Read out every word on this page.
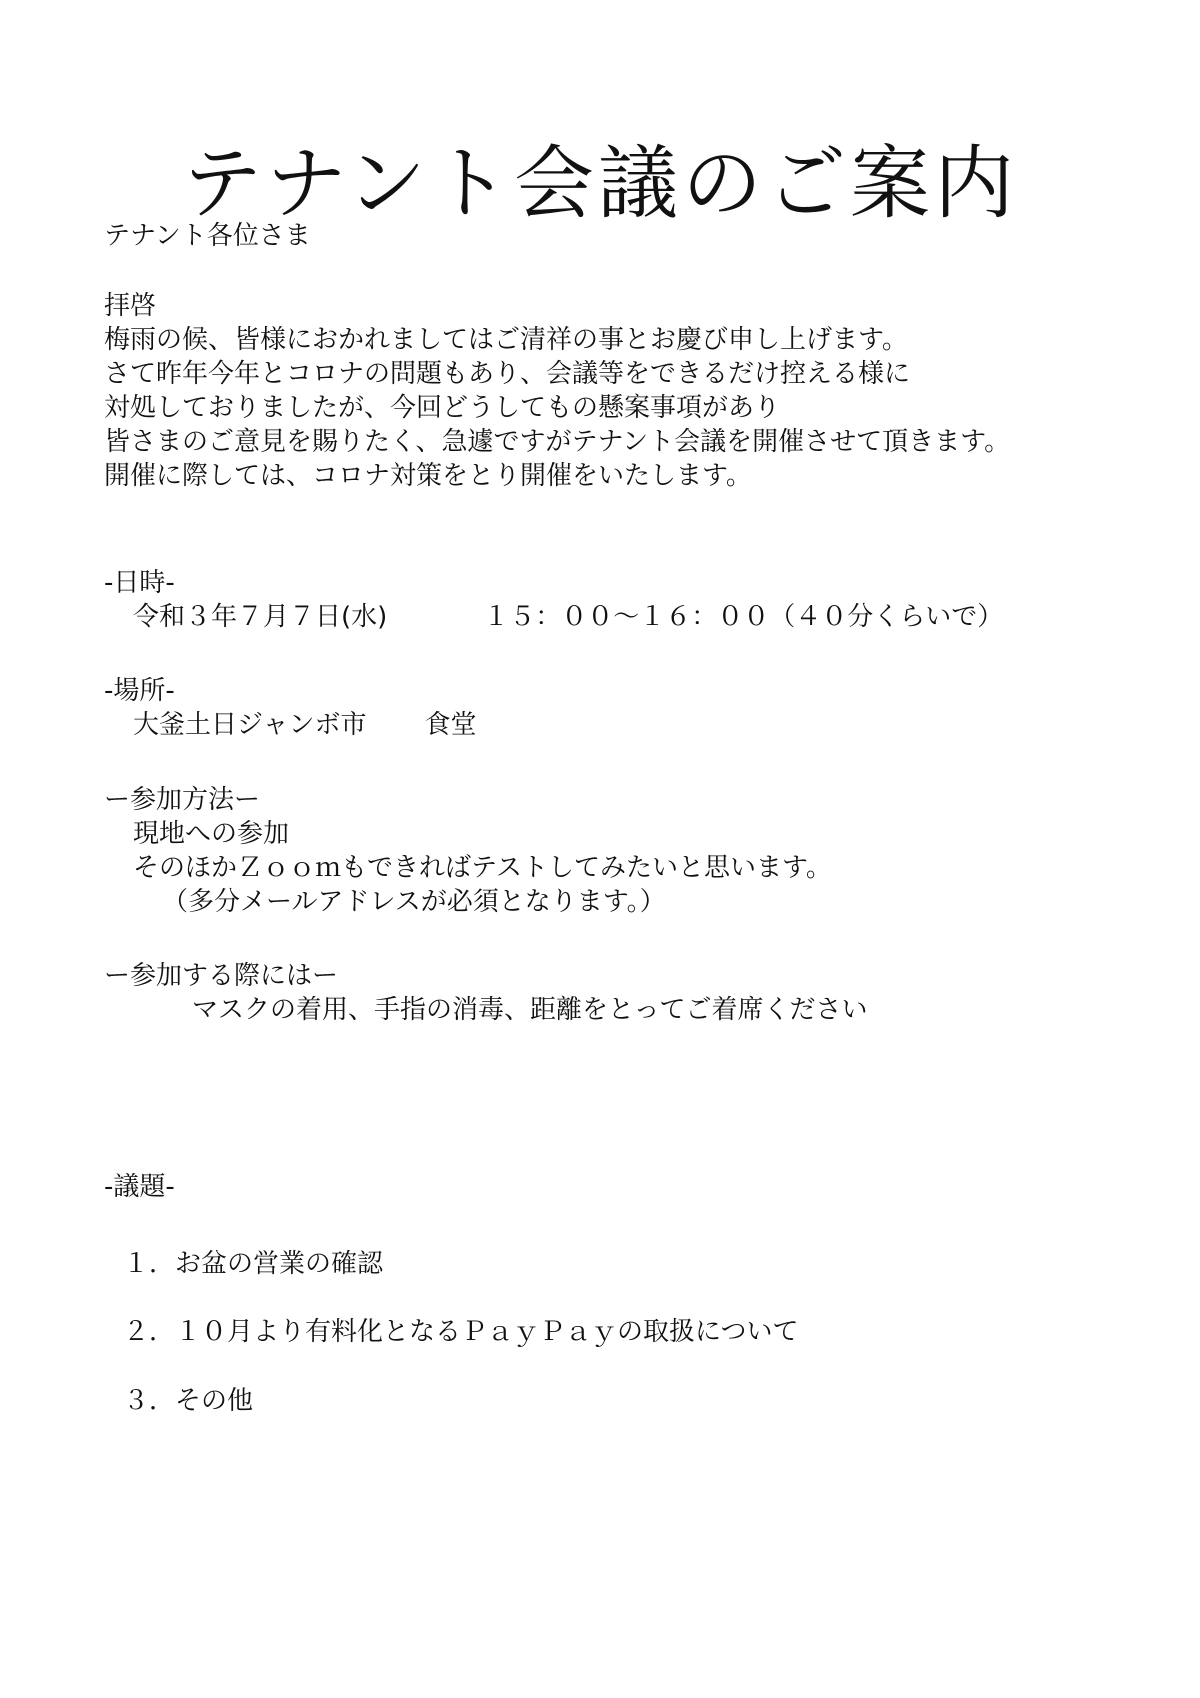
テナント会議のご案内
テナント各位さま
拝啓
梅雨の候、皆様におかれましてはご清祥の事とお慶び申し上げます。
さて昨年今年とコロナの問題もあり、会議等をできるだけ控える様に
対処しておりましたが、今回どうしてもの懸案事項があり
皆さまのご意見を賜りたく、急遽ですがテナント会議を開催させて頂きます。
開催に際しては、コロナ対策をとり開催をいたします。
-日時-
令和３年７月７日(水)	１５：００～１６：００（４０分くらいで）
-場所-
大釜土日ジャンボ市 食堂
ー参加方法ー
現地への参加
そのほかＺｏｏｍもできればテストしてみたいと思います。
（多分メールアドレスが必須となります。）
ー参加する際にはー
マスクの着用、手指の消毒、距離をとってご着席ください
-議題-
１．お盆の営業の確認
２．１０月より有料化となるＰａｙＰａｙの取扱について
３．その他
